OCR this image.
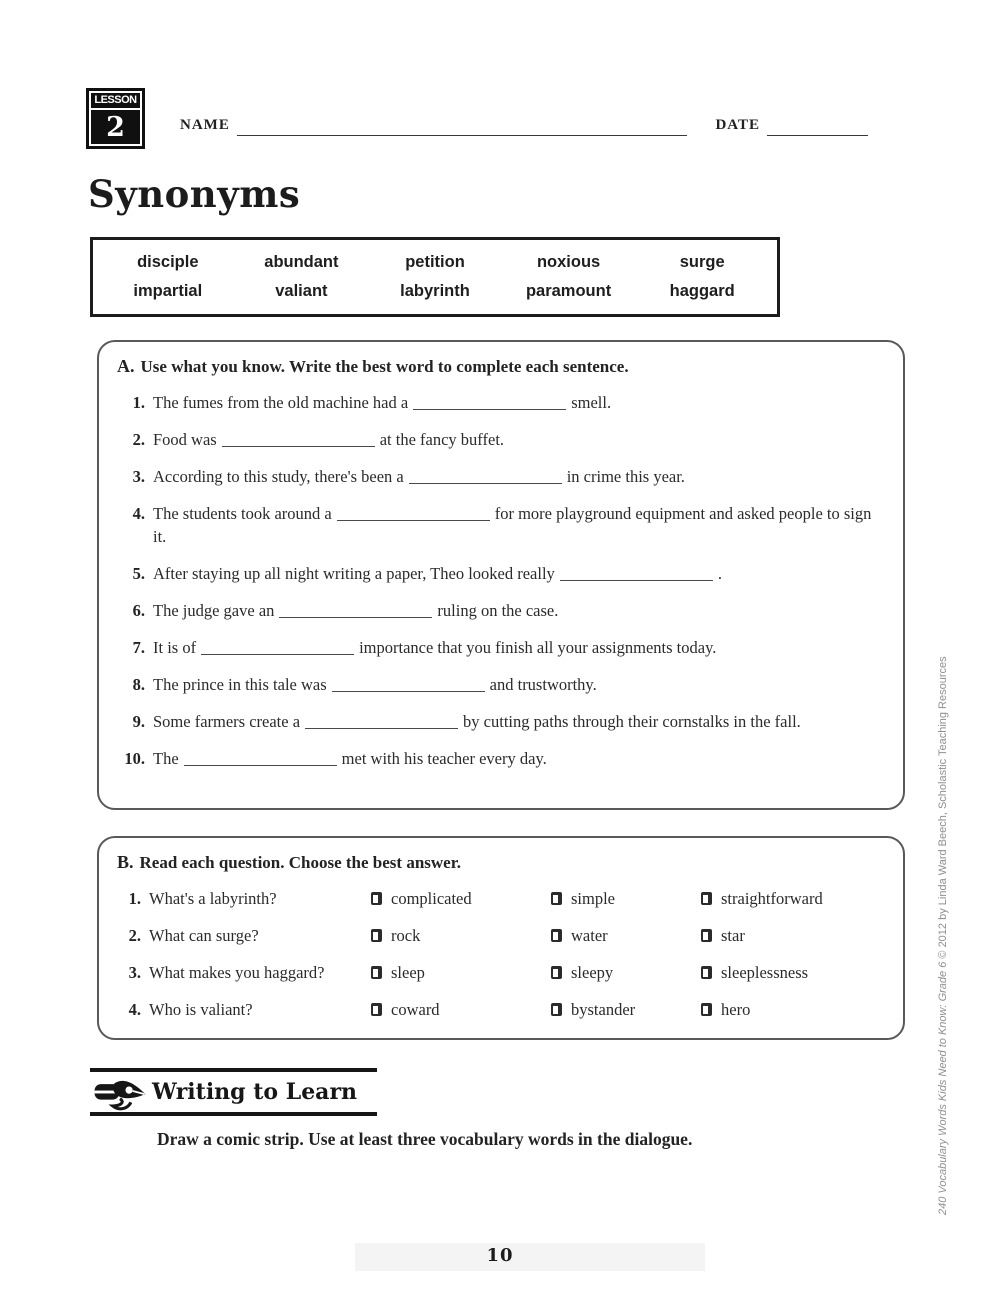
LESSON
2	NAME	DATE
Synonyms
disciple	abundant	petition	noxious	surge
impartial	valiant	labyrinth	paramount	haggard
A. Use what you know. Write the best word to complete each sentence.
1. The fumes from the old machine had a	smell.
2. Food was	at the fancy buffet.
3. According to this study, there's been a	in crime this year.
4. The students took around a	for more playground equipment and asked people to sign it.
5. After staying up all night writing a paper, Theo looked really	.
6. The judge gave an	ruling on the case.
7. It is of	importance that you finish all your assignments today.
8. The prince in this tale was	and trustworthy.
9. Some farmers create a	by cutting paths through their cornstalks in the fall.
10. The	met with his teacher every day.
B. Read each question. Choose the best answer.
1. What's a labyrinth?	complicated	simple	straightforward
2. What can surge?	rock	water	star
3. What makes you haggard?	sleep	sleepy	sleeplessness
4. Who is valiant?	coward	bystander	hero
Writing to Learn
Draw a comic strip. Use at least three vocabulary words in the dialogue.	240 Vocabulary Words Kids Need to Know: Grade 6 © 2012 by Linda Ward Beech, Scholastic Teaching Resources
10
